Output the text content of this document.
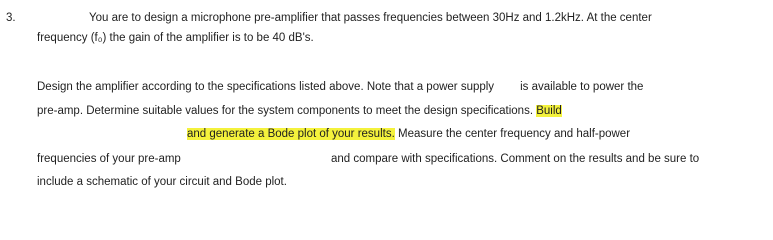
3.	You are to design a microphone pre-amplifier that passes frequencies between 30Hz and 1.2kHz. At the center
frequency (f₀) the gain of the amplifier is to be 40 dB's.
Design the amplifier according to the specifications listed above. Note that a power supply is available to power the
pre-amp. Determine suitable values for the system components to meet the design specifications. Build
and generate a Bode plot of your results. Measure the center frequency and half-power
frequencies of your pre-amp	and compare with specifications. Comment on the results and be sure to
include a schematic of your circuit and Bode plot.
